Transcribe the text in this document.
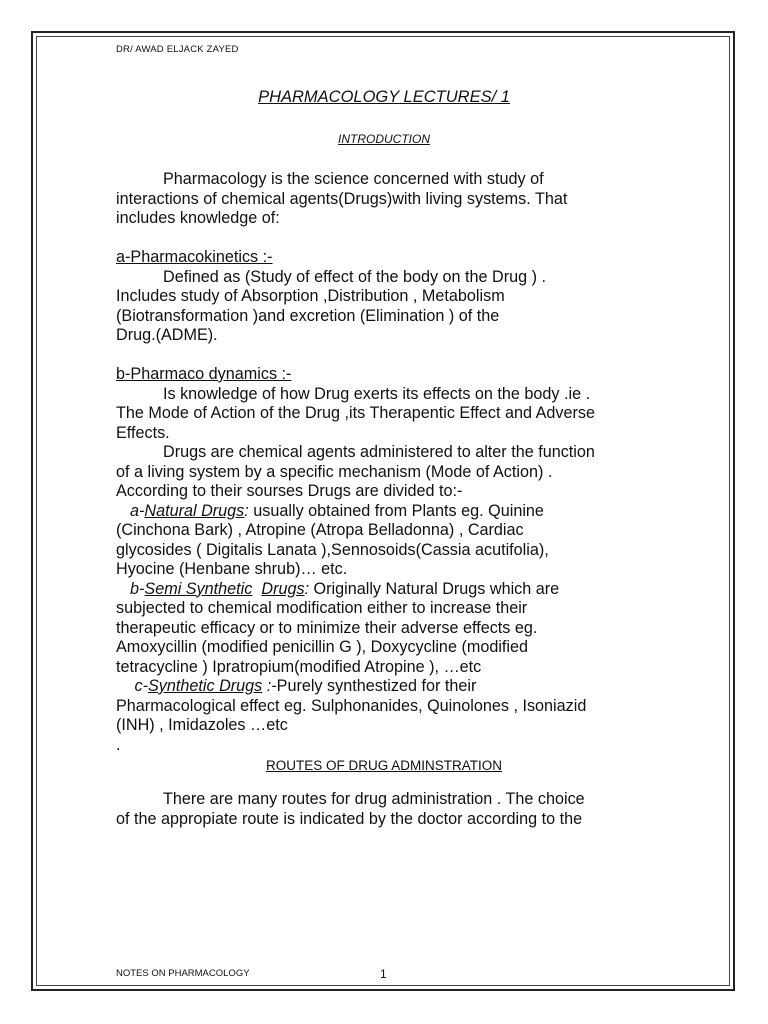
DR/ AWAD ELJACK ZAYED
PHARMACOLOGY LECTURES/ 1
INTRODUCTION

Pharmacology is the science concerned with study of

interactions of chemical agents(Drugs)with living systems. That

includes knowledge of:

a-Pharmacokinetics :-

Defined as (Study of effect of the body on the Drug ) .

Includes study of Absorption ,Distribution , Metabolism

(Biotransformation )and excretion (Elimination ) of the

Drug.(ADME).

b-Pharmaco dynamics :-

Is knowledge of how Drug exerts its effects on the body .ie .

The Mode of Action of the Drug ,its Therapentic Effect and Adverse

Effects.

Drugs are chemical agents administered to alter the function

of a living system by a specific mechanism (Mode of Action) .

According to their sourses Drugs are divided to:-

a-Natural Drugs: usually obtained from Plants eg. Quinine

(Cinchona Bark) , Atropine (Atropa Belladonna) , Cardiac

glycosides ( Digitalis Lanata ),Sennosoids(Cassia acutifolia),

Hyocine (Henbane shrub)… etc.

b-Semi Synthetic Drugs: Originally Natural Drugs which are

subjected to chemical modification either to increase their

therapeutic efficacy or to minimize their adverse effects eg.

Amoxycillin (modified penicillin G ), Doxycycline (modified

tetracycline ) Ipratropium(modified Atropine ), …etc

c-Synthetic Drugs :-Purely synthestized for their

Pharmacological effect eg. Sulphonanides, Quinolones , Isoniazid

(INH) , Imidazoles …etc

.

ROUTES OF DRUG ADMINSTRATION

There are many routes for drug administration . The choice

of the appropiate route is indicated by the doctor according to the

NOTES ON PHARMACOLOGY	1
